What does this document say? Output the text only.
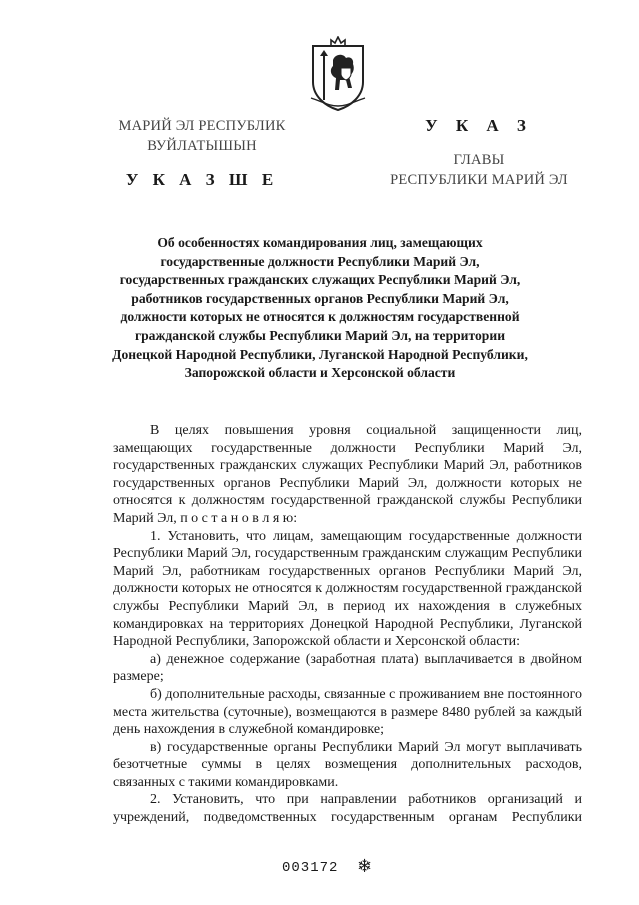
МАРИЙ ЭЛ РЕСПУБЛИК
ВУЙЛАТЫШЫН
У К А З Ш Е
У К А З
ГЛАВЫ
РЕСПУБЛИКИ МАРИЙ ЭЛ
Об особенностях командирования лиц, замещающих
государственные должности Республики Марий Эл,
государственных гражданских служащих Республики Марий Эл,
работников государственных органов Республики Марий Эл,
должности которых не относятся к должностям государственной
гражданской службы Республики Марий Эл, на территории
Донецкой Народной Республики, Луганской Народной Республики,
Запорожской области и Херсонской области

В целях повышения уровня социальной защищенности лиц, замещающих государственные должности Республики Марий Эл, государственных гражданских служащих Республики Марий Эл, работников государственных органов Республики Марий Эл, должности которых не относятся к должностям государственной гражданской службы Республики Марий Эл, п о с т а н о в л я ю:

1. Установить, что лицам, замещающим государственные должности Республики Марий Эл, государственным гражданским служащим Республики Марий Эл, работникам государственных органов Республики Марий Эл, должности которых не относятся к должностям государственной гражданской службы Республики Марий Эл, в период их нахождения в служебных командировках на территориях Донецкой Народной Республики, Луганской Народной Республики, Запорожской области и Херсонской области:

а) денежное содержание (заработная плата) выплачивается в двойном размере;

б) дополнительные расходы, связанные с проживанием вне постоянного места жительства (суточные), возмещаются в размере 8480 рублей за каждый день нахождения в служебной командировке;

в) государственные органы Республики Марий Эл могут выплачивать безотчетные суммы в целях возмещения дополнительных расходов, связанных с такими командировками.

2. Установить, что при направлении работников организаций и учреждений, подведомственных государственным органам Республики

003172 ❄
